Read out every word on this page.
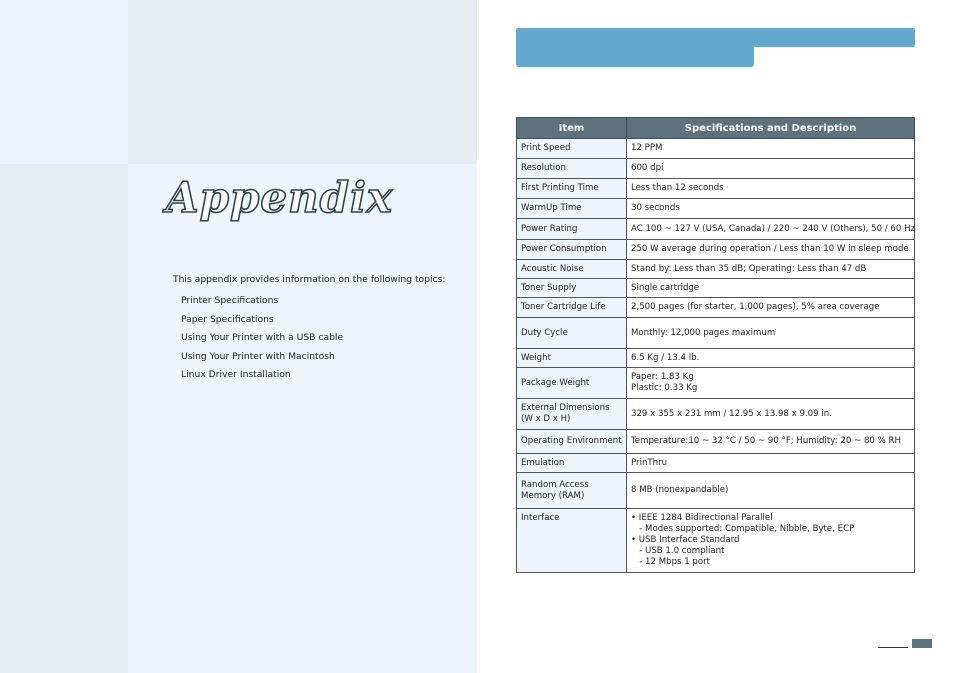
Appendix

This appendix provides information on the following topics:

Printer Specifications
Paper Specifications
Using Your Printer with a USB cable
Using Your Printer with Macintosh
Linux Driver Installation
Item	Specifications and Description
Print Speed	12 PPM

Resolution	600 dpi

First Printing Time	Less than 12 seconds

WarmUp Time	30 seconds

Power Rating	AC 100 ~ 127 V (USA, Canada) / 220 ~ 240 V (Others), 50 / 60 Hz

Power Consumption	250 W average during operation / Less than 10 W in sleep mode

Acoustic Noise	Stand by: Less than 35 dB; Operating: Less than 47 dB

Toner Supply	Single cartridge

Toner Cartridge Life	2,500 pages (for starter, 1,000 pages), 5% area coverage

Duty Cycle	Monthly: 12,000 pages maximum

Weight	6.5 Kg / 13.4 lb.

Package Weight	Paper: 1.83 Kg
Plastic: 0.33 Kg

External Dimensions (W x D x H)	329 x 355 x 231 mm / 12.95 x 13.98 x 9.09 in.

Operating Environment	Temperature:10 ~ 32 °C / 50 ~ 90 °F; Humidity: 20 ~ 80 % RH

Emulation	PrinThru

Random Access Memory (RAM)	8 MB (nonexpandable)

Interface	• IEEE 1284 Bidirectional Parallel
- Modes supported: Compatible, Nibble, Byte, ECP
• USB Interface Standard
- USB 1.0 compliant
- 12 Mbps 1 port
